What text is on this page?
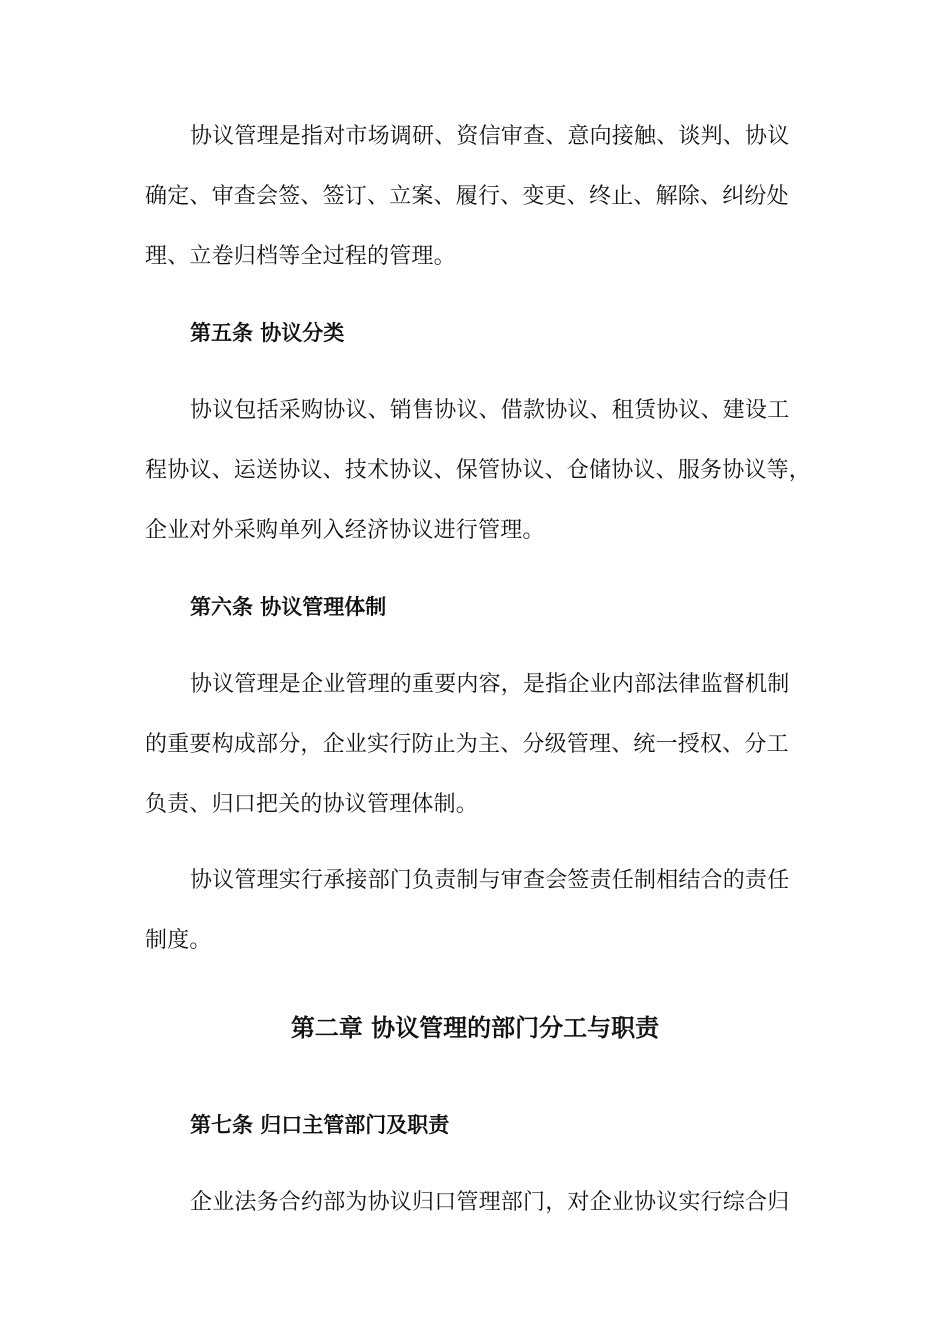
协议管理是指对市场调研、资信审查、意向接触、谈判、协议
确定、审查会签、签订、立案、履行、变更、终止、解除、纠纷处
理、立卷归档等全过程的管理。
第五条 协议分类
协议包括采购协议、销售协议、借款协议、租赁协议、建设工
程协议、运送协议、技术协议、保管协议、仓储协议、服务协议等，
企业对外采购单列入经济协议进行管理。
第六条 协议管理体制
协议管理是企业管理的重要内容，是指企业内部法律监督机制
的重要构成部分，企业实行防止为主、分级管理、统一授权、分工
负责、归口把关的协议管理体制。
协议管理实行承接部门负责制与审查会签责任制相结合的责任
制度。
第二章 协议管理的部门分工与职责
第七条 归口主管部门及职责
企业法务合约部为协议归口管理部门，对企业协议实行综合归
